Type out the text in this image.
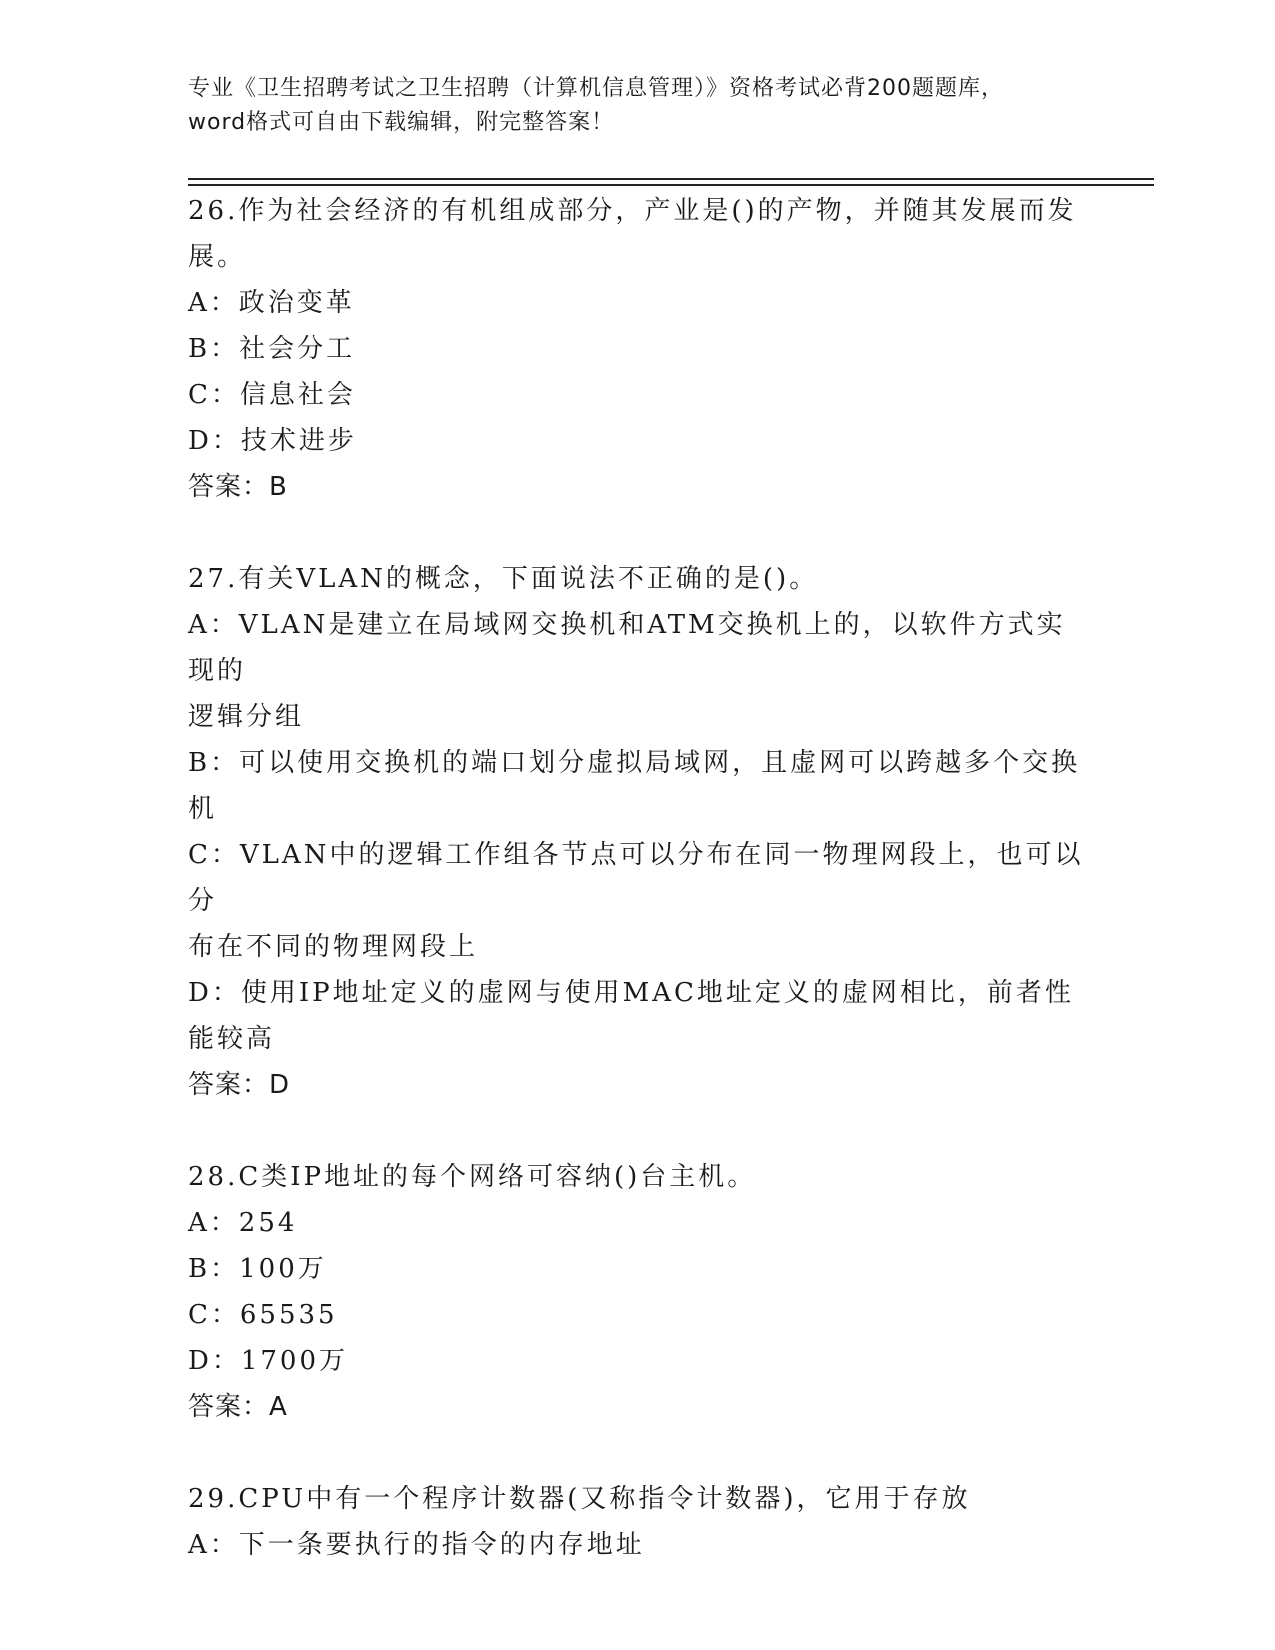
专业《卫生招聘考试之卫生招聘（计算机信息管理）》资格考试必背200题题库，
word格式可自由下载编辑，附完整答案！
26.作为社会经济的有机组成部分，产业是()的产物，并随其发展而发
展。
A：政治变革
B：社会分工
C：信息社会
D：技术进步
答案：B
27.有关VLAN的概念，下面说法不正确的是()。
A：VLAN是建立在局域网交换机和ATM交换机上的，以软件方式实现的
逻辑分组
B：可以使用交换机的端口划分虚拟局域网，且虚网可以跨越多个交换
机
C：VLAN中的逻辑工作组各节点可以分布在同一物理网段上，也可以分
布在不同的物理网段上
D：使用IP地址定义的虚网与使用MAC地址定义的虚网相比，前者性
能较高
答案：D
28.C类IP地址的每个网络可容纳()台主机。
A：254
B：100万
C：65535
D：1700万
答案：A
29.CPU中有一个程序计数器(又称指令计数器)，它用于存放
A：下一条要执行的指令的内存地址
